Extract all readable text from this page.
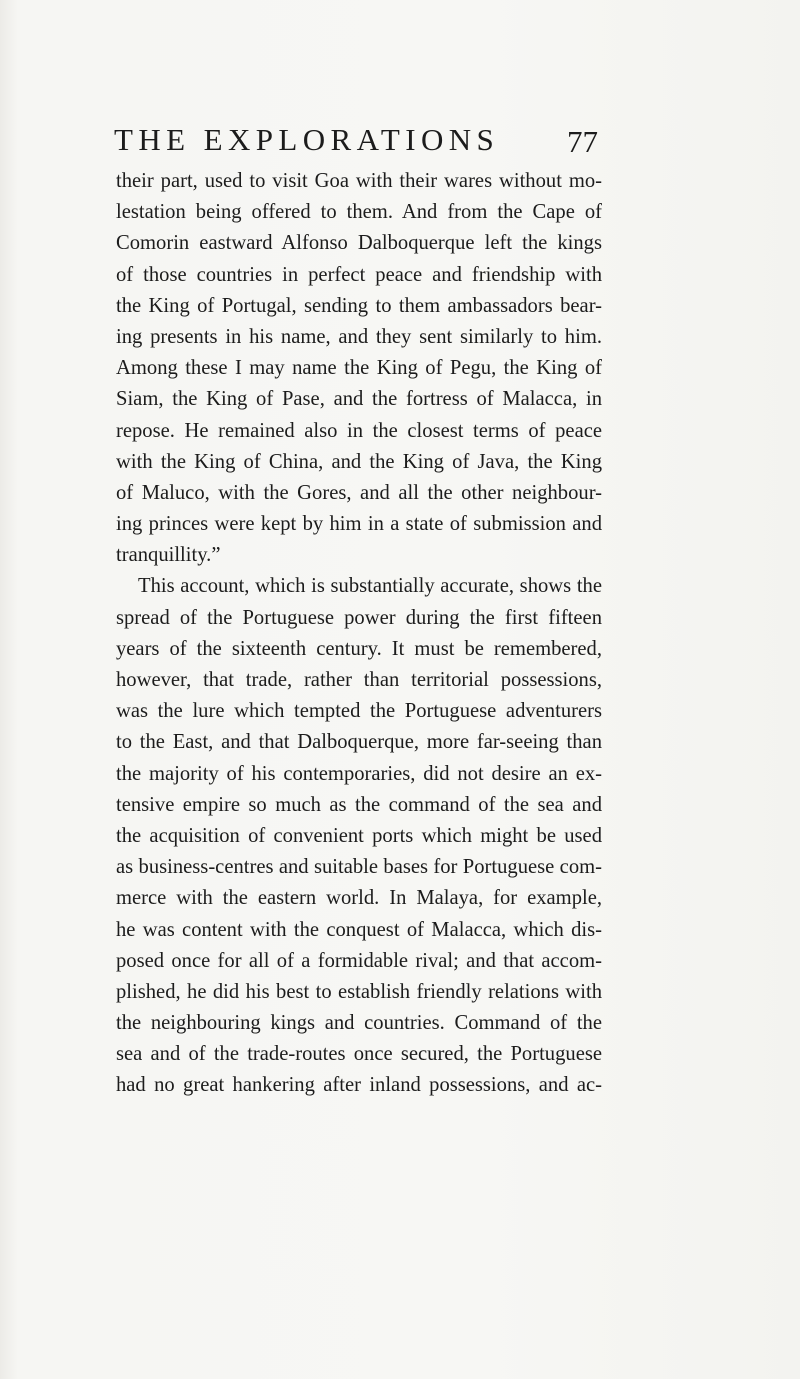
THE EXPLORATIONS 77
their part, used to visit Goa with their wares without mo-
lestation being offered to them. And from the Cape of
Comorin eastward Alfonso Dalboquerque left the kings
of those countries in perfect peace and friendship with
the King of Portugal, sending to them ambassadors bear-
ing presents in his name, and they sent similarly to him.
Among these I may name the King of Pegu, the King of
Siam, the King of Pase, and the fortress of Malacca, in
repose. He remained also in the closest terms of peace
with the King of China, and the King of Java, the King
of Maluco, with the Gores, and all the other neighbour-
ing princes were kept by him in a state of submission and
tranquillity.”
This account, which is substantially accurate, shows the
spread of the Portuguese power during the first fifteen
years of the sixteenth century. It must be remembered,
however, that trade, rather than territorial possessions,
was the lure which tempted the Portuguese adventurers
to the East, and that Dalboquerque, more far-seeing than
the majority of his contemporaries, did not desire an ex-
tensive empire so much as the command of the sea and
the acquisition of convenient ports which might be used
as business-centres and suitable bases for Portuguese com-
merce with the eastern world. In Malaya, for example,
he was content with the conquest of Malacca, which dis-
posed once for all of a formidable rival; and that accom-
plished, he did his best to establish friendly relations with
the neighbouring kings and countries. Command of the
sea and of the trade-routes once secured, the Portuguese
had no great hankering after inland possessions, and ac-
